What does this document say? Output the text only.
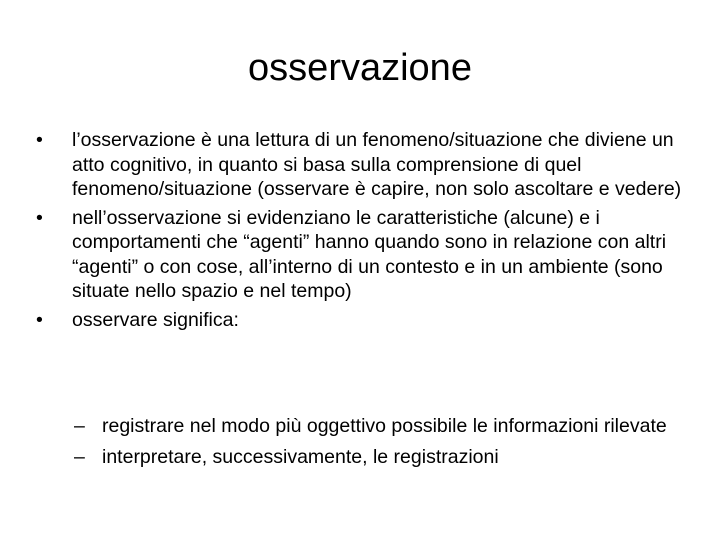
osservazione
•	l’osservazione è una lettura di un fenomeno/situazione che diviene un atto cognitivo, in quanto si basa sulla comprensione di quel fenomeno/situazione (osservare è capire, non solo ascoltare e vedere)
•	nell’osservazione si evidenziano le caratteristiche (alcune) e i comportamenti che “agenti” hanno quando sono in relazione con altri “agenti” o con cose, all’interno di un contesto e in un ambiente (sono situate nello spazio e nel tempo)
•	osservare significa:
– registrare nel modo più oggettivo possibile le informazioni rilevate
– interpretare, successivamente, le registrazioni
